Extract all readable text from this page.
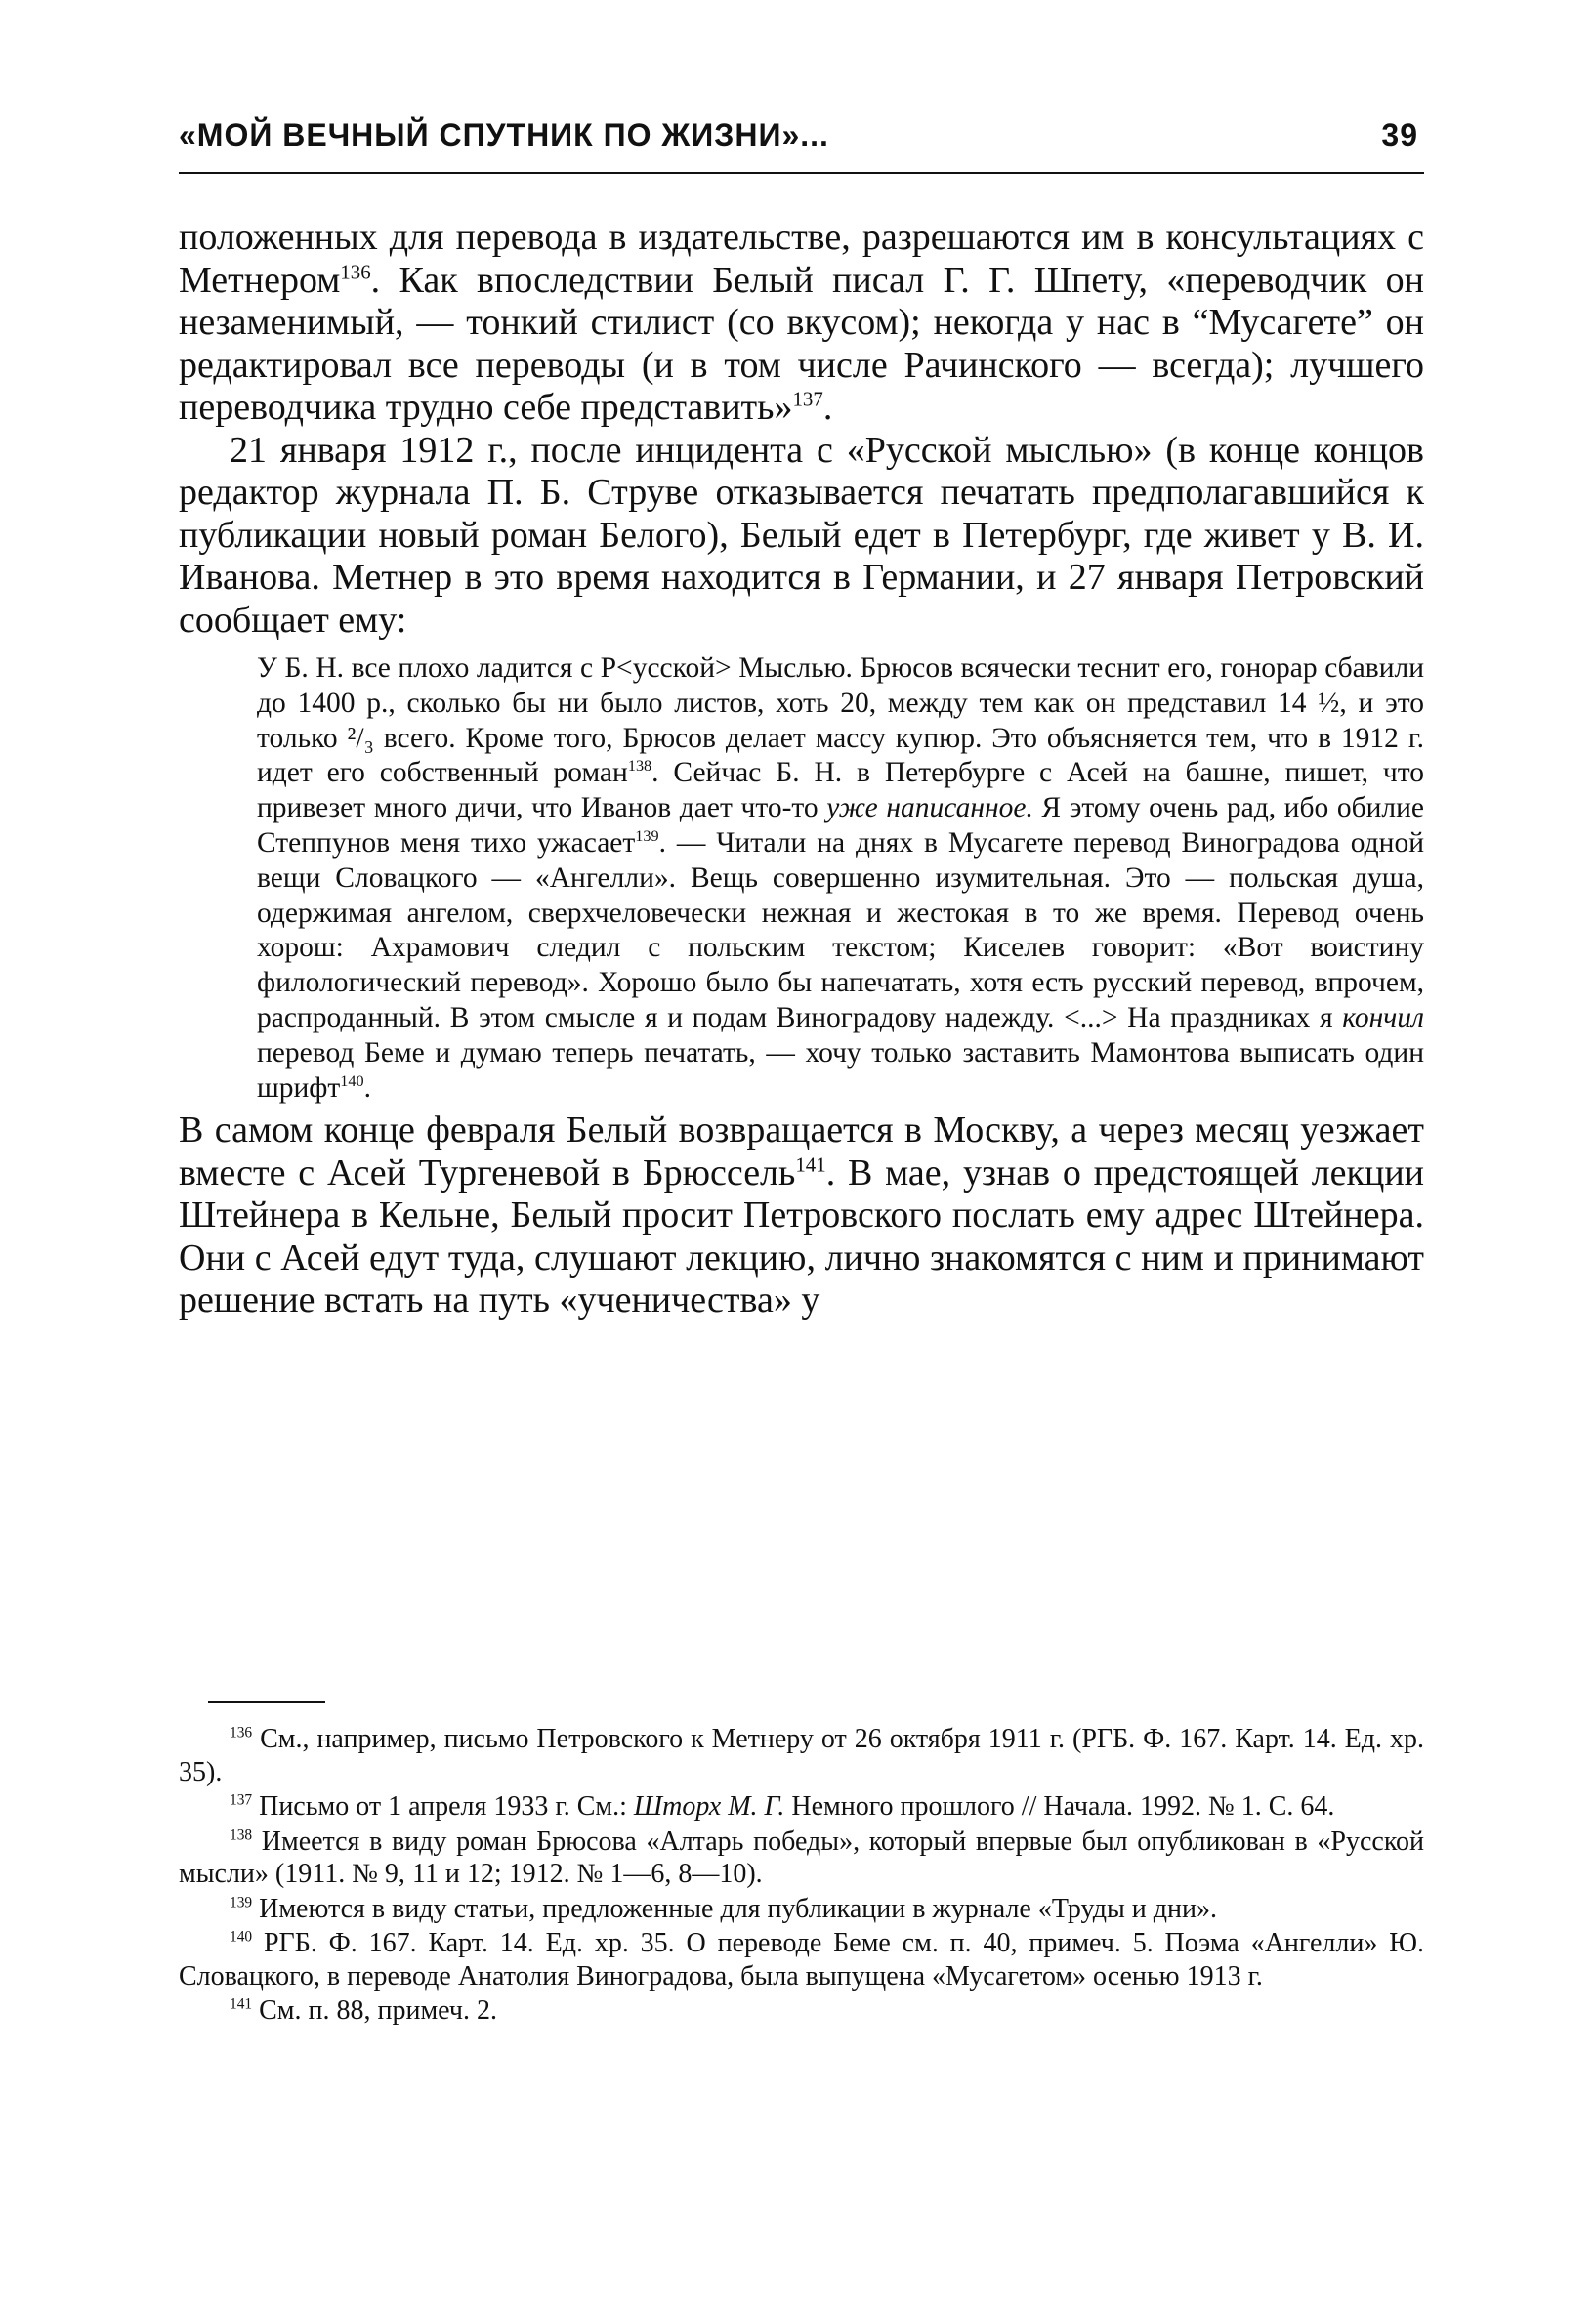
«МОЙ ВЕЧНЫЙ СПУТНИК ПО ЖИЗНИ»...	39

положенных для перевода в издательстве, разрешаются им в консультациях с Метнером$^{136}$. Как впоследствии Белый писал Г. Г. Шпету, «переводчик он незаменимый, — тонкий стилист (со вкусом); некогда у нас в “Мусагете” он редактировал все переводы (и в том числе Рачинского — всегда); лучшего переводчика трудно себе представить»$^{137}$.

21 января 1912 г., после инцидента с «Русской мыслью» (в конце концов редактор журнала П. Б. Струве отказывается печатать предполагавшийся к публикации новый роман Белого), Белый едет в Петербург, где живет у В. И. Иванова. Метнер в это время находится в Германии, и 27 января Петровский сообщает ему:

У Б. Н. все плохо ладится с Р<усской> Мыслью. Брюсов всячески теснит его, гонорар сбавили до 1400 р., сколько бы ни было листов, хоть 20, между тем как он представил 14 ½, и это только ²/₃ всего. Кроме того, Брюсов делает массу купюр. Это объясняется тем, что в 1912 г. идет его собственный роман$^{138}$. Сейчас Б. Н. в Петербурге с Асей на башне, пишет, что привезет много дичи, что Иванов дает что-то уже написанное. Я этому очень рад, ибо обилие Степпунов меня тихо ужасает$^{139}$. — Читали на днях в Мусагете перевод Виноградова одной вещи Словацкого — «Ангелли». Вещь совершенно изумительная. Это — польская душа, одержимая ангелом, сверхчеловечески нежная и жестокая в то же время. Перевод очень хорош: Ахрамович следил с польским текстом; Киселев говорит: «Вот воистину филологический перевод». Хорошо было бы напечатать, хотя есть русский перевод, впрочем, распроданный. В этом смысле я и подам Виноградову надежду. <...> На праздниках я кончил перевод Беме и думаю теперь печатать, — хочу только заставить Мамонтова выписать один шрифт$^{140}$.

В самом конце февраля Белый возвращается в Москву, а через месяц уезжает вместе с Асей Тургеневой в Брюссель$^{141}$. В мае, узнав о предстоящей лекции Штейнера в Кельне, Белый просит Петровского послать ему адрес Штейнера. Они с Асей едут туда, слушают лекцию, лично знакомятся с ним и принимают решение встать на путь «ученичества» у

$^{136}$ См., например, письмо Петровского к Метнеру от 26 октября 1911 г. (РГБ. Ф. 167. Карт. 14. Ед. хр. 35).

$^{137}$ Письмо от 1 апреля 1933 г. См.: Шторх М. Г. Немного прошлого // Начала. 1992. № 1. С. 64.

$^{138}$ Имеется в виду роман Брюсова «Алтарь победы», который впервые был опубликован в «Русской мысли» (1911. № 9, 11 и 12; 1912. № 1—6, 8—10).

$^{139}$ Имеются в виду статьи, предложенные для публикации в журнале «Труды и дни».

$^{140}$ РГБ. Ф. 167. Карт. 14. Ед. хр. 35. О переводе Беме см. п. 40, примеч. 5. Поэма «Ангелли» Ю. Словацкого, в переводе Анатолия Виноградова, была выпущена «Мусагетом» осенью 1913 г.

$^{141}$ См. п. 88, примеч. 2.
